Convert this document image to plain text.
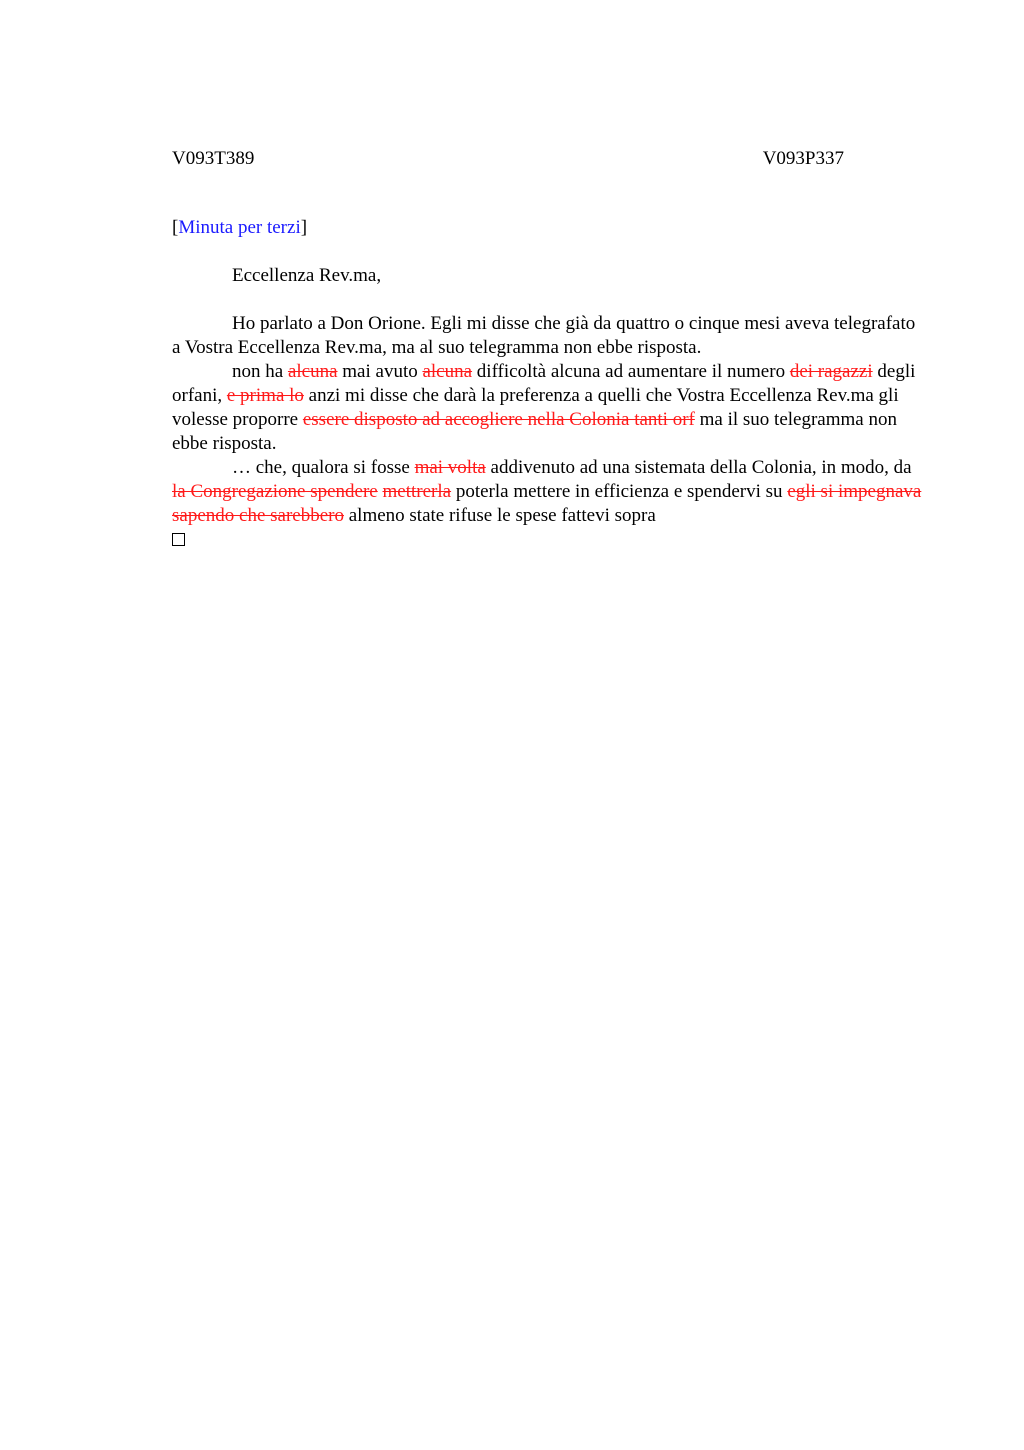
V093T389	V093P337
[Minuta per terzi]
Eccellenza Rev.ma,

Ho parlato a Don Orione. Egli mi disse che già da quattro o cinque mesi aveva telegrafato a Vostra Eccellenza Rev.ma, ma al suo telegramma non ebbe risposta.

non ha alcuna mai avuto alcuna difficoltà alcuna ad aumentare il numero dei ragazzi degli orfani, e prima lo anzi mi disse che darà la preferenza a quelli che Vostra Eccellenza Rev.ma gli volesse proporre essere disposto ad accogliere nella Colonia tanti orf ma il suo telegramma non ebbe risposta.

… che, qualora si fosse mai volta addivenuto ad una sistemata della Colonia, in modo, da la Congregazione spendere mettrerla poterla mettere in efficienza e spendervi su egli si impegnava sapendo che sarebbero almeno state rifuse le spese fattevi sopra
